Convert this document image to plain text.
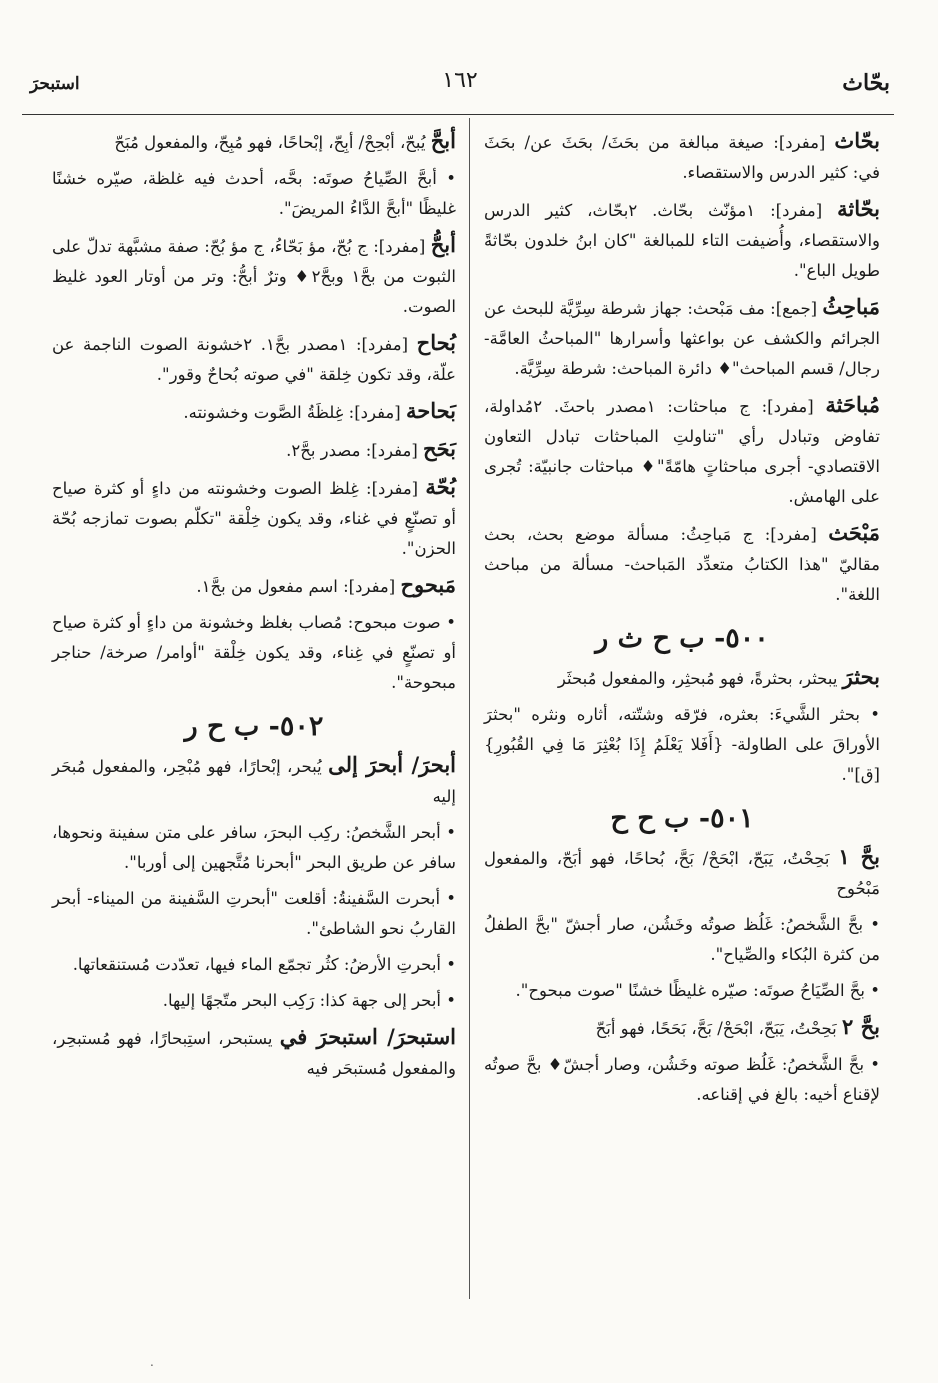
بحّاث
١٦٢
استبحرَ
بحّاث [مفرد]: صيغة مبالغة من بحَثَ/ بحَثَ عن/ بحَثَ في: كثير الدرس والاستقصاء.
بحّاثة [مفرد]: ١مؤنّث بحّاث. ٢بحّاث، كثير الدرس والاستقصاء، وأُضيفت التاء للمبالغة "كان ابنُ خلدون بحّاثةً طويل الباع".
مَباحِثُ [جمع]: مف مَبْحث: جهاز شرطة سِرِّيَّة للبحث عن الجرائم والكشف عن بواعثها وأسرارها "المباحثُ العامَّة- رجال/ قسم المباحث"♦ دائرة المباحث: شرطة سِرِّيَّة.
مُباحَثة [مفرد]: ج مباحثات: ١مصدر باحثَ. ٢مُداولة، تفاوض وتبادل رأي "تناولتِ المباحثات تبادل التعاون الاقتصادي- أجرى مباحثاتٍ هامّةً"♦ مباحثات جانبيّة: تُجرى على الهامش.
مَبْحَث [مفرد]: ج مَباحِثُ: مسألة موضع بحث، بحث مقاليّ "هذا الكتابُ متعدِّد المَباحث- مسألة من مباحث اللغة".
٥٠٠- ب ح ث ر
بحثرَ يبحثر، بحثرةً، فهو مُبحثِر، والمفعول مُبحثَر
• بحثر الشَّيءَ: بعثره، فرّقه وشتّته، أثاره ونثره "بحثرَ الأوراقَ على الطاولة- {أَفَلا يَعْلَمُ إِذَا بُعْثِرَ مَا فِي القُبُورِ} [ق]".
٥٠١- ب ح ح
بحَّ ١ بَحِحْتُ، يَبَحّ، ابْحَحْ/ بَحَّ، بُحاحًا، فهو أبَحّ، والمفعول مَبْحُوح
• بحَّ الشَّخصُ: غَلُظ صوتُه وخَشُن، صار أجشّ "بحَّ الطفلُ من كثرة البُكاء والصِّياح".
• بحَّ الصِّيَاحُ صوتَه: صيّره غليظًا خشنًا "صوت مبحوح".
بحَّ ٢ بَحِحْتُ، يَبَحّ، ابْحَحْ/ بَحَّ، بَحَحًا، فهو أبَحّ
• بحَّ الشَّخصُ: غَلُظ صوته وخَشُن، وصار أجشّ♦ بحَّ صوتُه لإقناع أخيه: بالغ في إقناعه.
أبحَّ يُبحّ، أبْحِحْ/ أبِحّ، إبْحاحًا، فهو مُبِحّ، والمفعول مُبَحّ
• أبحَّ الصِّياحُ صوتَه: بحَّه، أحدث فيه غلظة، صيّره خشنًا غليظًا "أبحَّ الدَّاءُ المريضَ".
أبحُّ [مفرد]: ج بُحّ، مؤ بَحّاءُ، ج مؤ بُحّ: صفة مشبَّهة تدلّ على الثبوت من بحَّ١ وبحَّ٢♦ وترٌ أبحُّ: وتر من أوتار العود غليظ الصوت.
بُحاح [مفرد]: ١مصدر بحَّ١. ٢خشونة الصوت الناجمة عن علّة، وقد تكون خِلقة "في صوته بُحاحٌ وقور".
بَحاحة [مفرد]: غِلظَةُ الصَّوت وخشونته.
بَحَح [مفرد]: مصدر بحَّ٢.
بُحّة [مفرد]: غِلظ الصوت وخشونته من داءٍ أو كثرة صياح أو تصنّعٍ في غناء، وقد يكون خِلْقة "تكلّم بصوت تمازجه بُحّة الحزن".
مَبحوح [مفرد]: اسم مفعول من بحَّ١.
• صوت مبحوح: مُصاب بغلظ وخشونة من داءٍ أو كثرة صياح أو تصنّعٍ في غِناء، وقد يكون خِلْقة "أوامر/ صرخة/ حناجر مبحوحة".
٥٠٢- ب ح ر
أبحرَ/ أبحرَ إلى يُبحر، إبْحارًا، فهو مُبْحِر، والمفعول مُبحَر إليه
• أبحر الشَّخصُ: ركِب البحرَ، سافر على متن سفينة ونحوها، سافر عن طريق البحر "أبحرنا مُتَّجهين إلى أوربا".
• أبحرت السَّفينةُ: أقلعت "أبحرتِ السَّفينة من الميناء- أبحر القاربُ نحو الشاطئ".
• أبحرتِ الأرضُ: كثُر تجمّع الماء فيها، تعدّدت مُستنقعاتها.
• أبحر إلى جهة كذا: رَكِب البحر متّجهًا إليها.
استبحرَ/ استبحرَ في يستبحر، استِبحارًا، فهو مُستبحِر، والمفعول مُستبحَر فيه
.
